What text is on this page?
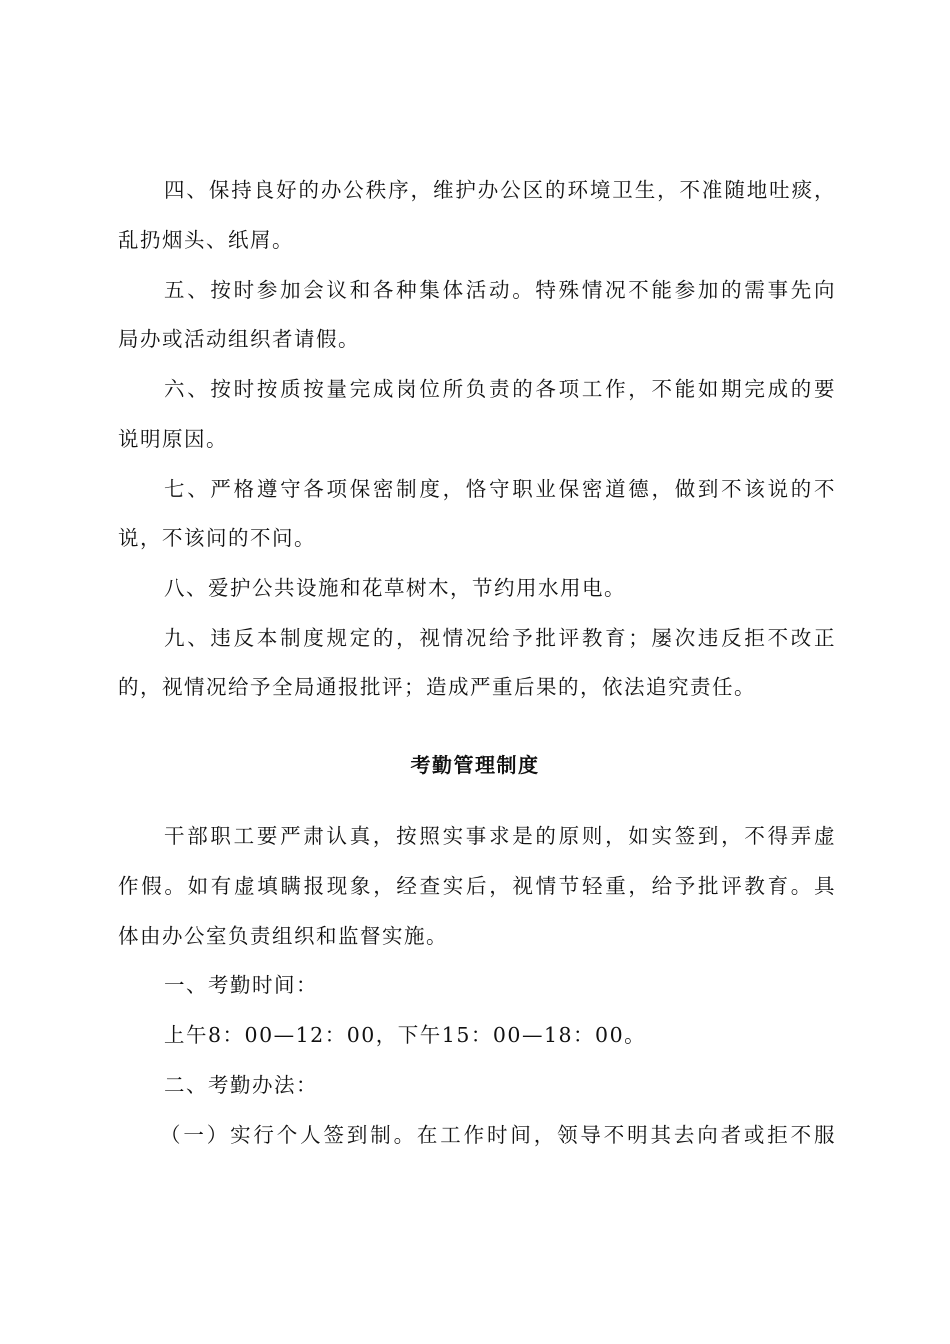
四、保持良好的办公秩序，维护办公区的环境卫生，不准随地吐痰，
乱扔烟头、纸屑。
五、按时参加会议和各种集体活动。特殊情况不能参加的需事先向
局办或活动组织者请假。
六、按时按质按量完成岗位所负责的各项工作，不能如期完成的要
说明原因。
七、严格遵守各项保密制度，恪守职业保密道德，做到不该说的不
说，不该问的不问。
八、爱护公共设施和花草树木，节约用水用电。
九、违反本制度规定的，视情况给予批评教育；屡次违反拒不改正
的，视情况给予全局通报批评；造成严重后果的，依法追究责任。
考勤管理制度
干部职工要严肃认真，按照实事求是的原则，如实签到，不得弄虚
作假。如有虚填瞒报现象，经查实后，视情节轻重，给予批评教育。具
体由办公室负责组织和监督实施。
一、考勤时间：
上午8：00—12：00，下午15：00—18：00。
二、考勤办法：
（一）实行个人签到制。在工作时间，领导不明其去向者或拒不服
